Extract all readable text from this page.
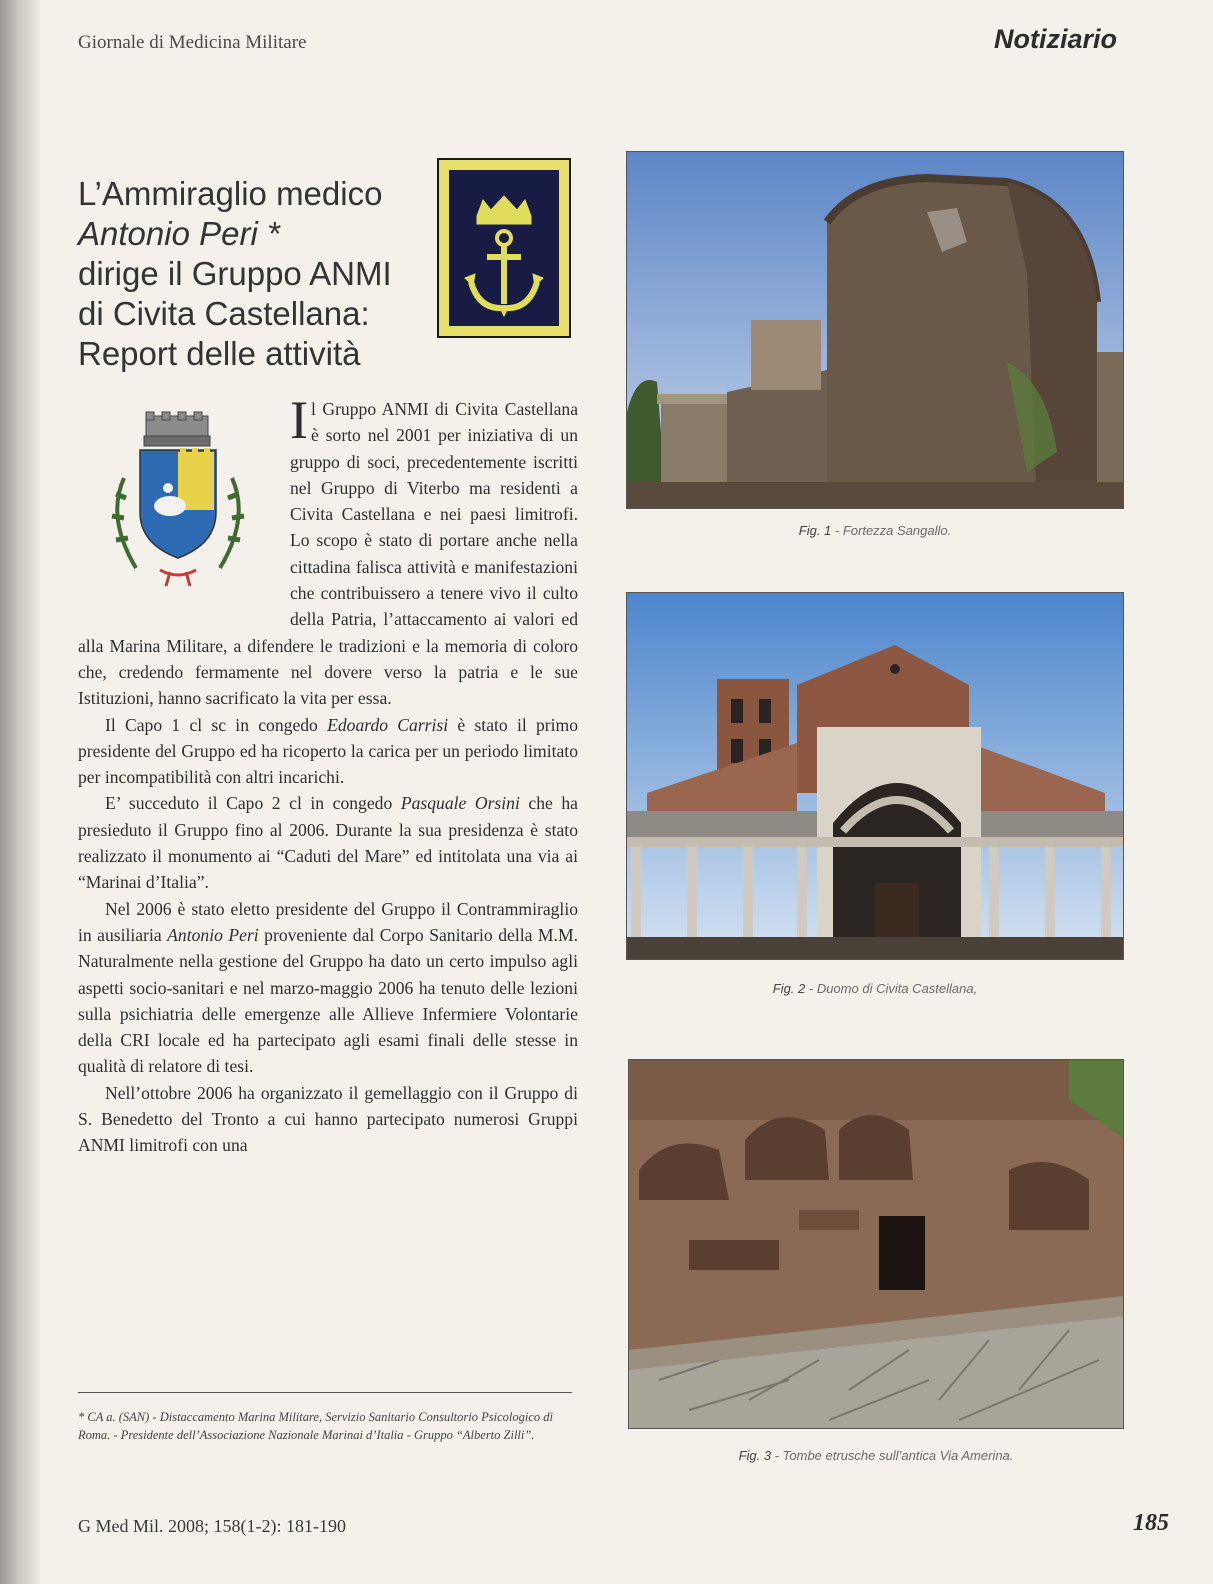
Giornale di Medicina Militare	Notiziario
L’Ammiraglio medico
Antonio Peri *
dirige il Gruppo ANMI
di Civita Castellana:
Report delle attività

Il Gruppo ANMI di Civita Castellana è sorto nel 2001 per iniziativa di un gruppo di soci, precedentemente iscritti nel Gruppo di Viterbo ma residenti a Civita Castellana e nei paesi limitrofi. Lo scopo è stato di portare anche nella cittadina falisca attività e manifestazioni che contribuissero a tenere vivo il culto della Patria, l’attaccamento ai valori ed alla Marina Militare, a difendere le tradizioni e la memoria di coloro che, credendo fermamente nel dovere verso la patria e le sue Istituzioni, hanno sacrificato la vita per essa.

Il Capo 1 cl sc in congedo Edoardo Carrisi è stato il primo presidente del Gruppo ed ha ricoperto la carica per un periodo limitato per incompatibilità con altri incarichi.

E’ succeduto il Capo 2 cl in congedo Pasquale Orsini che ha presieduto il Gruppo fino al 2006. Durante la sua presidenza è stato realizzato il monumento ai “Caduti del Mare” ed intitolata una via ai “Marinai d’Italia”.

Nel 2006 è stato eletto presidente del Gruppo il Contrammiraglio in ausiliaria Antonio Peri proveniente dal Corpo Sanitario della M.M. Naturalmente nella gestione del Gruppo ha dato un certo impulso agli aspetti socio-sanitari e nel marzo-maggio 2006 ha tenuto delle lezioni sulla psichiatria delle emergenze alle Allieve Infermiere Volontarie della CRI locale ed ha partecipato agli esami finali delle stesse in qualità di relatore di tesi.

Nell’ottobre 2006 ha organizzato il gemellaggio con il Gruppo di S. Benedetto del Tronto a cui hanno partecipato numerosi Gruppi ANMI limitrofi con una

Fig. 1 - Fortezza Sangallo.
Fig. 2 - Duomo di Civita Castellana,
Fig. 3 - Tombe etrusche sull’antica Via Amerina.
* CA a. (SAN) - Distaccamento Marina Militare, Servizio Sanitario Consultorio Psicologico di Roma. - Presidente dell’Associazione Nazionale Marinai d’Italia - Gruppo “Alberto Zilli”.
G Med Mil. 2008; 158(1-2): 181-190	185
